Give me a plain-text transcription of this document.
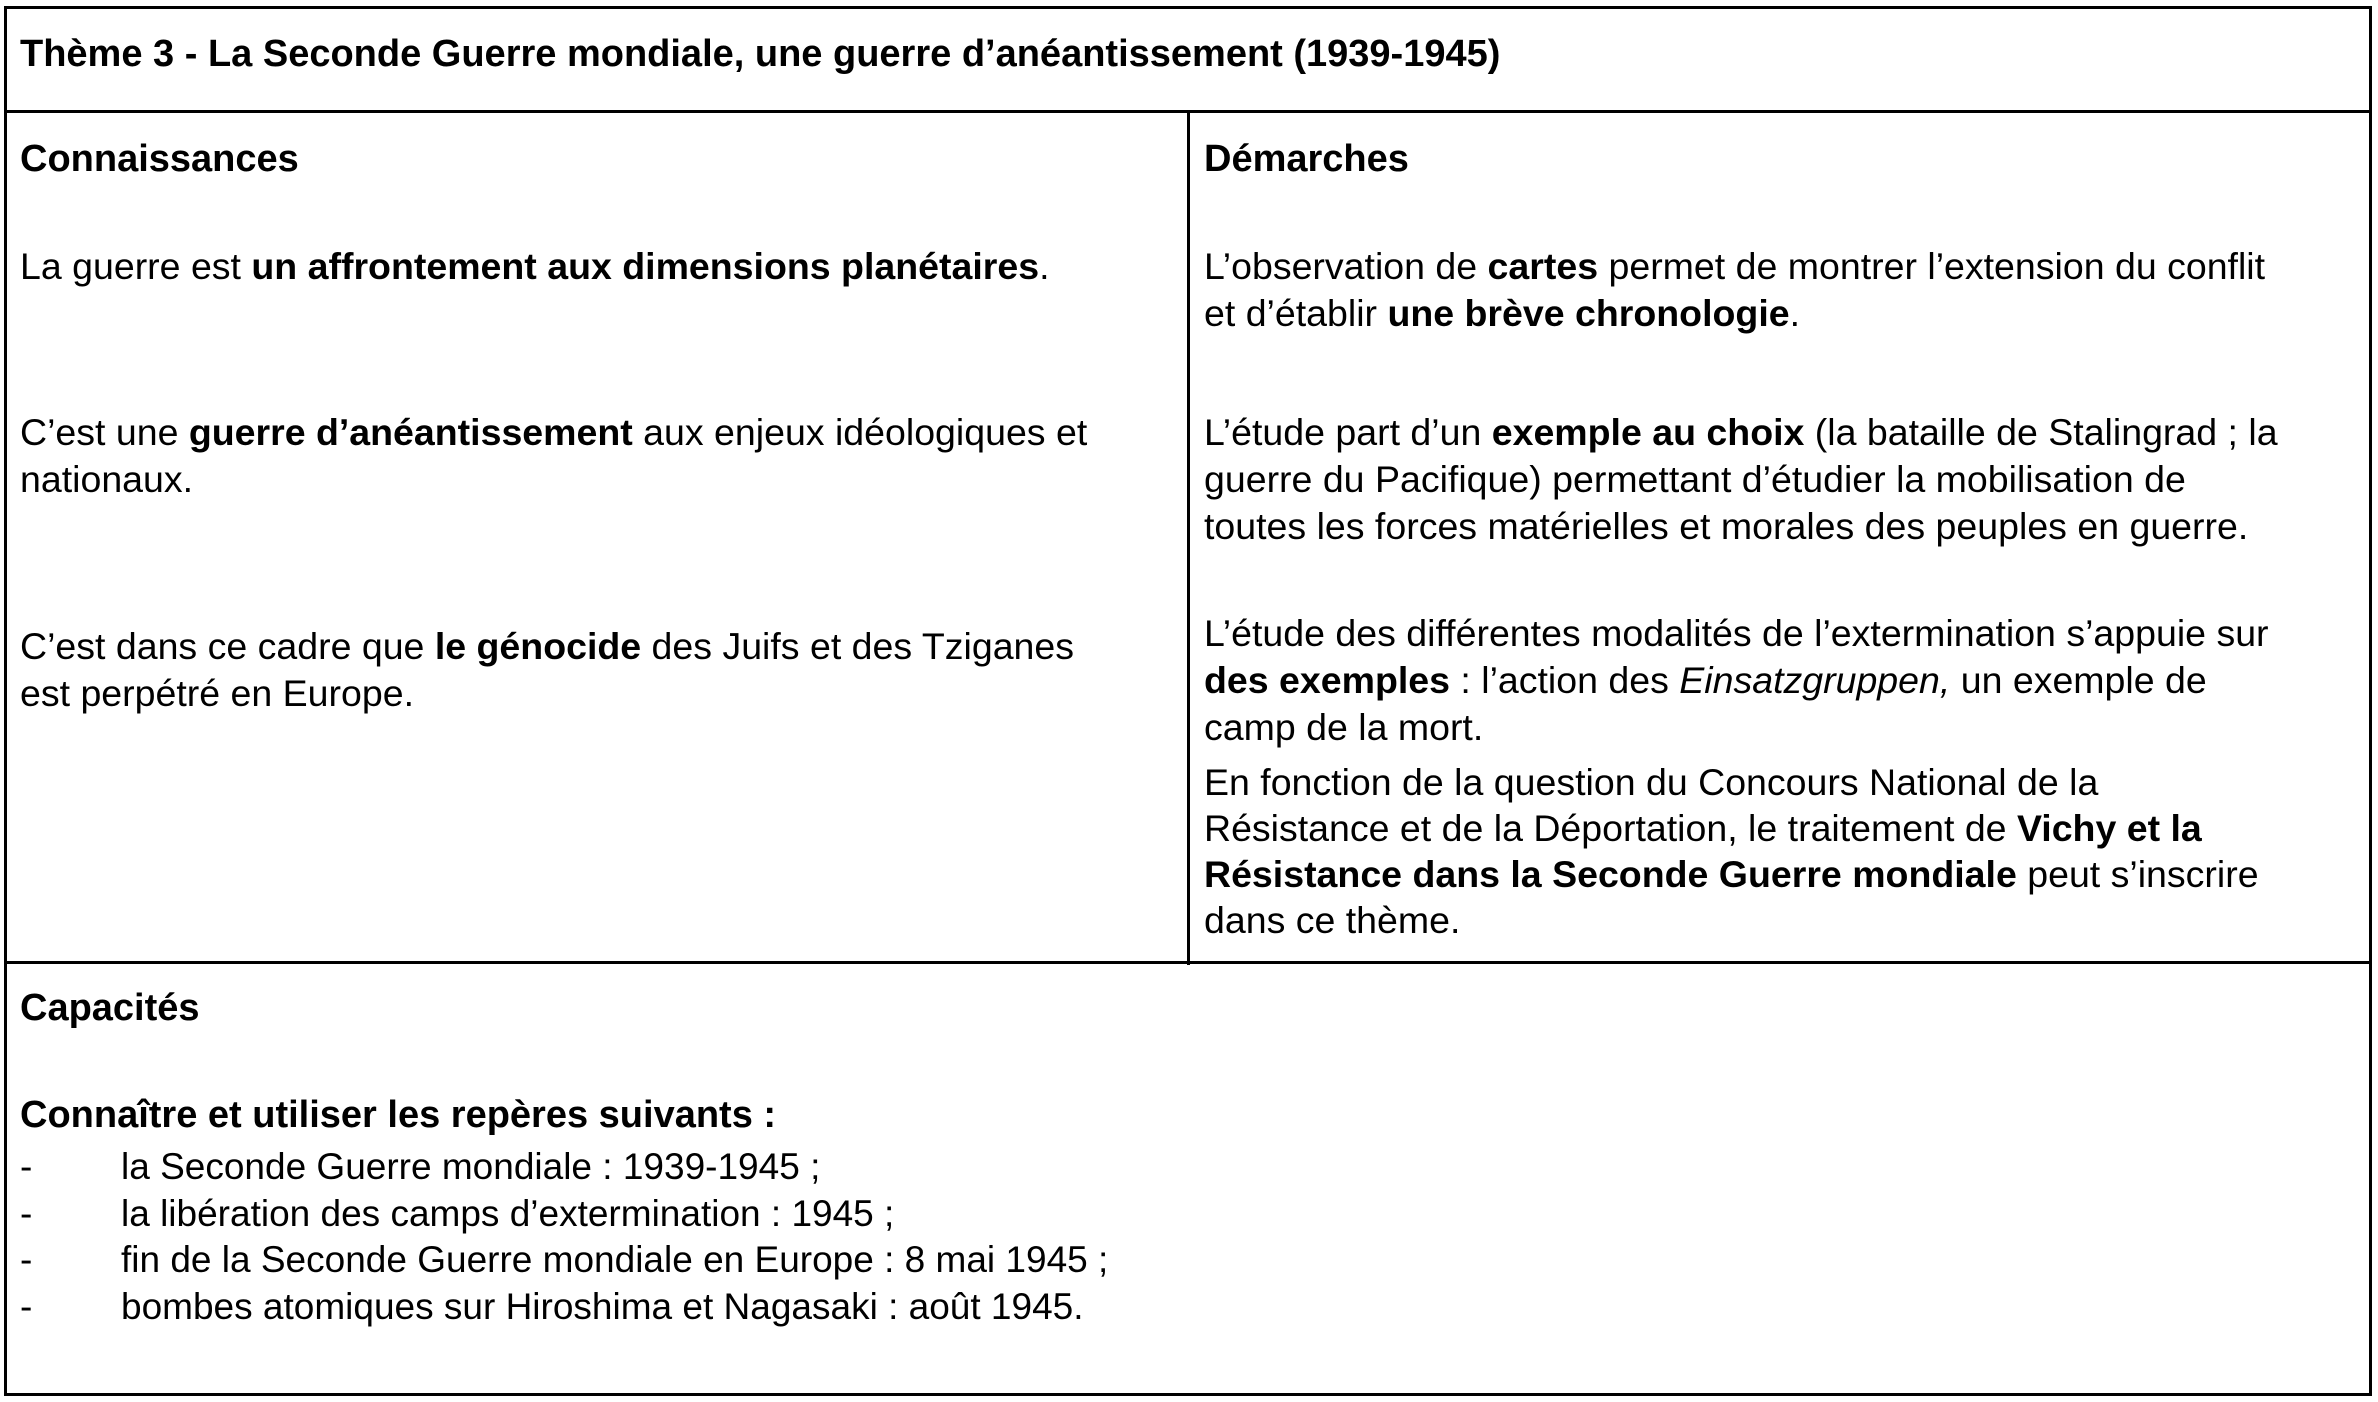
Thème 3 - La Seconde Guerre mondiale, une guerre d’anéantissement (1939-1945)
Connaissances
La guerre est un affrontement aux dimensions planétaires.
C’est une guerre d’anéantissement aux enjeux idéologiques et
nationaux.
C’est dans ce cadre que le génocide des Juifs et des Tziganes
est perpétré en Europe.
Démarches
L’observation de cartes permet de montrer l’extension du conflit
et d’établir une brève chronologie.
L’étude part d’un exemple au choix (la bataille de Stalingrad ; la
guerre du Pacifique) permettant d’étudier la mobilisation de
toutes les forces matérielles et morales des peuples en guerre.
L’étude des différentes modalités de l’extermination s’appuie sur
des exemples : l’action des Einsatzgruppen, un exemple de
camp de la mort.
En fonction de la question du Concours National de la
Résistance et de la Déportation, le traitement de Vichy et la
Résistance dans la Seconde Guerre mondiale peut s’inscrire
dans ce thème.
Capacités
Connaître et utiliser les repères suivants :
- la Seconde Guerre mondiale : 1939-1945 ;
- la libération des camps d’extermination : 1945 ;
- fin de la Seconde Guerre mondiale en Europe : 8 mai 1945 ;
- bombes atomiques sur Hiroshima et Nagasaki : août 1945.
